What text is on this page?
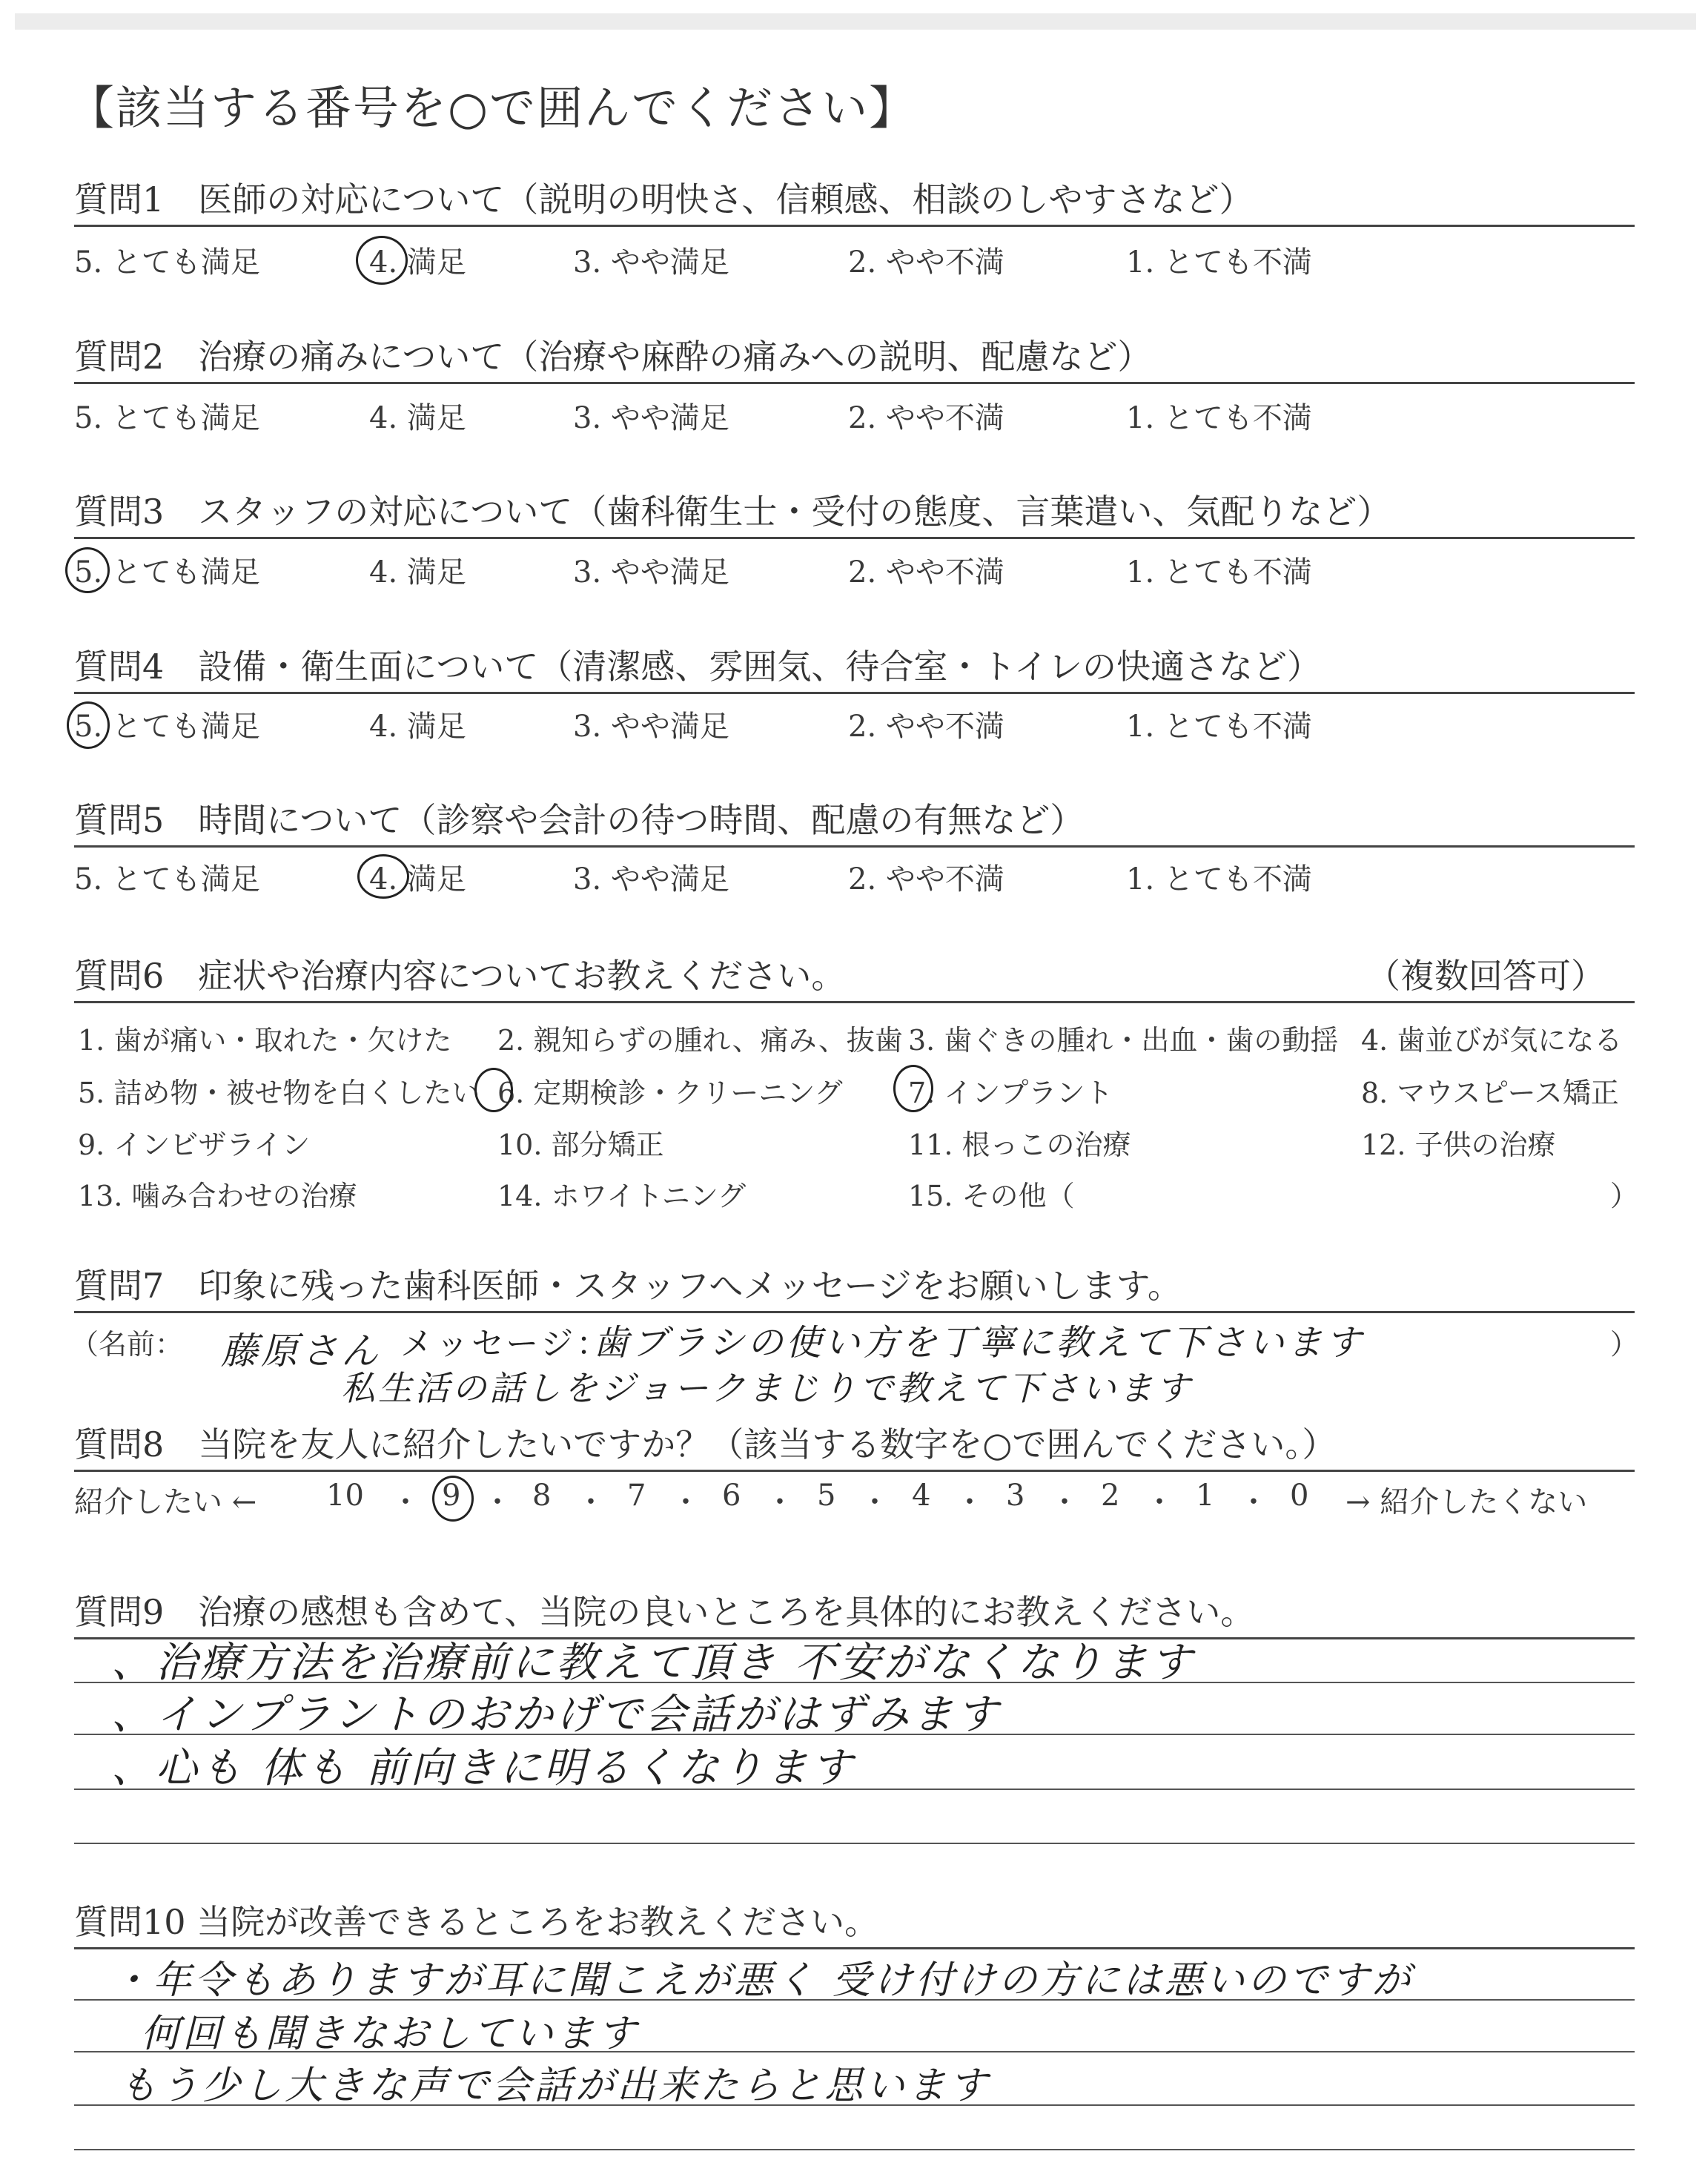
【該当する番号を○で囲んでください】
質問1　医師の対応について（説明の明快さ、信頼感、相談のしやすさなど）
5. とても満足	4. 満足	3. やや満足	2. やや不満	1. とても不満
質問2　治療の痛みについて（治療や麻酔の痛みへの説明、配慮など）
5. とても満足	4. 満足	3. やや満足	2. やや不満	1. とても不満
質問3　スタッフの対応について（歯科衛生士・受付の態度、言葉遣い、気配りなど）
5. とても満足	4. 満足	3. やや満足	2. やや不満	1. とても不満
質問4　設備・衛生面について（清潔感、雰囲気、待合室・トイレの快適さなど）
5. とても満足	4. 満足	3. やや満足	2. やや不満	1. とても不満
質問5　時間について（診察や会計の待つ時間、配慮の有無など）
5. とても満足	4. 満足	3. やや満足	2. やや不満	1. とても不満
質問6　症状や治療内容についてお教えください。	（複数回答可）
1. 歯が痛い・取れた・欠けた 2. 親知らずの腫れ、痛み、抜歯 3. 歯ぐきの腫れ・出血・歯の動揺 4. 歯並びが気になる
5. 詰め物・被せ物を白くしたい 6. 定期検診・クリーニング 7. インプラント	8. マウスピース矯正
9. インビザライン	10. 部分矯正	11. 根っこの治療	12. 子供の治療
13. 噛み合わせの治療	14. ホワイトニング	15. その他（	）
質問7　印象に残った歯科医師・スタッフへメッセージをお願いします。
（名前：	）
藤原さん メッセージ：
歯ブラシの使い方を丁寧に教えて下さいます
私生活の話しをジョークまじりで教えて下さいます
質問8　当院を友人に紹介したいですか？（該当する数字を○で囲んでください。）
紹介したい ← 10 ・ 9 ・ 8 ・ 7 ・ 6 ・ 5 ・ 4 ・ 3 ・ 2 ・ 1 ・ 0 → 紹介したくない
質問9　治療の感想も含めて、当院の良いところを具体的にお教えください。
、治療方法を治療前に教えて頂き 不安がなくなります
、インプラントのおかげで会話がはずみます
、心も 体も 前向きに明るくなります
質問10 当院が改善できるところをお教えください。
・年令もありますが耳に聞こえが悪く 受け付けの方には悪いのですが
何回も聞きなおしています
もう少し大きな声で会話が出来たらと思います
